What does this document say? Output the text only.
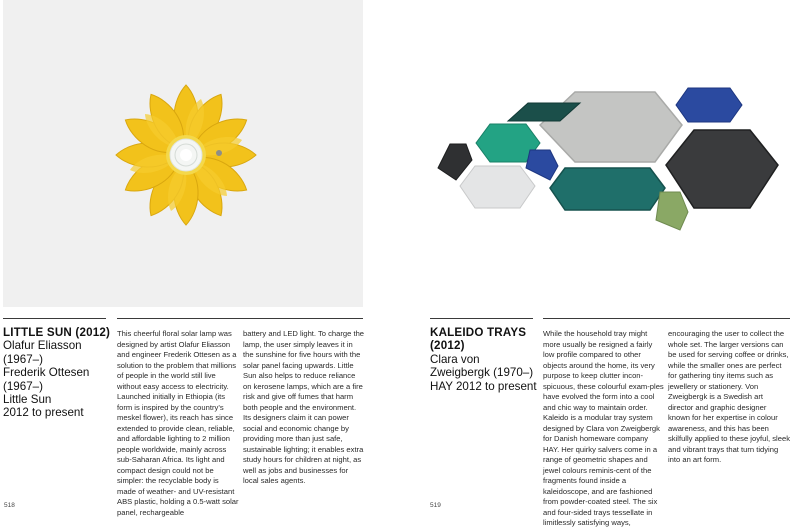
LITTLE SUN (2012)
Olafur Eliasson
(1967–)
Frederik Ottesen
(1967–)
Little Sun
2012 to present
This cheerful floral solar lamp was designed by artist Olafur Eliasson and engineer Frederik Ottesen as a solution to the problem that millions of people in the world still live without easy access to electricity. Launched initially in Ethiopia (its form is inspired by the country’s meskel flower), its reach has since extended to provide clean, reliable, and affordable lighting to 2 million people worldwide, mainly across sub-Saharan Africa. Its light and compact design could not be simpler: the recyclable body is made of weather- and UV-resistant ABS plastic, holding a 0.5-watt solar panel, rechargeable
battery and LED light. To charge the lamp, the user simply leaves it in the sunshine for five hours with the solar panel facing upwards. Little Sun also helps to reduce reliance on kerosene lamps, which are a fire risk and give off fumes that harm both people and the environment. Its designers claim it can power social and economic change by providing more than just safe, sustainable lighting; it enables extra study hours for children at night, as well as jobs and businesses for local sales agents.
518
KALEIDO TRAYS
(2012)
Clara von
Zweigbergk (1970–)
HAY 2012 to present
While the household tray might more usually be resigned a fairly low profile compared to other objects around the home, its very purpose to keep clutter incon-spicuous, these colourful exam-ples have evolved the form into a cool and chic way to maintain order. Kaleido is a modular tray system designed by Clara von Zweigbergk for Danish homeware company HAY. Her quirky salvers come in a range of geometric shapes and jewel colours reminis-cent of the fragments found inside a kaleidoscope, and are fashioned from powder-coated steel. The six and four-sided trays tessellate in limitlessly satisfying ways,
encouraging the user to collect the whole set. The larger versions can be used for serving coffee or drinks, while the smaller ones are perfect for gathering tiny items such as jewellery or stationery. Von Zweigbergk is a Swedish art director and graphic designer known for her expertise in colour awareness, and this has been skilfully applied to these joyful, sleek and vibrant trays that turn tidying into an art form.
519
